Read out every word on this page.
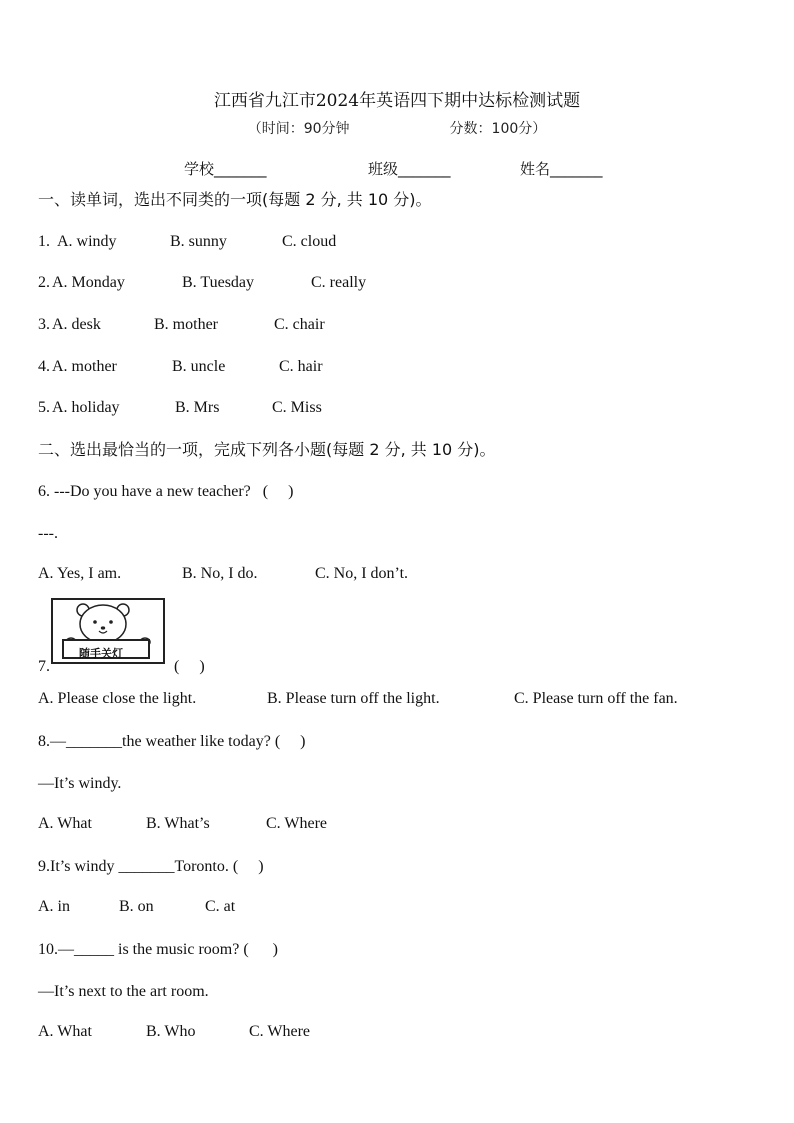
江西省九江市2024年英语四下期中达标检测试题
（时间：90分钟	分数：100分）
学校_______	班级_______	姓名_______
一、读单词，选出不同类的一项(每题 2 分, 共 10 分)。
1. A. windy	B. sunny	C. cloud
2. A. Monday	B. Tuesday	C. really
3. A. desk	B. mother	C. chair
4. A. mother	B. uncle	C. hair
5. A. holiday	B. Mrs	C. Miss
二、选出最恰当的一项，完成下列各小题(每题 2 分, 共 10 分)。
6. ---Do you have a new teacher?   (     )
---.
A. Yes, I am.	B. No, I do.	C. No, I don’t.
7.
随手关灯
(     )
A. Please close the light.	B. Please turn off the light.	C. Please turn off the fan.
8.—_______the weather like today? (     )
—It’s windy.
A. What	B. What’s	C. Where
9.It’s windy _______Toronto. (     )
A. in	B. on	C. at
10.—_____ is the music room? (      )
—It’s next to the art room.
A. What	B. Who	C. Where
